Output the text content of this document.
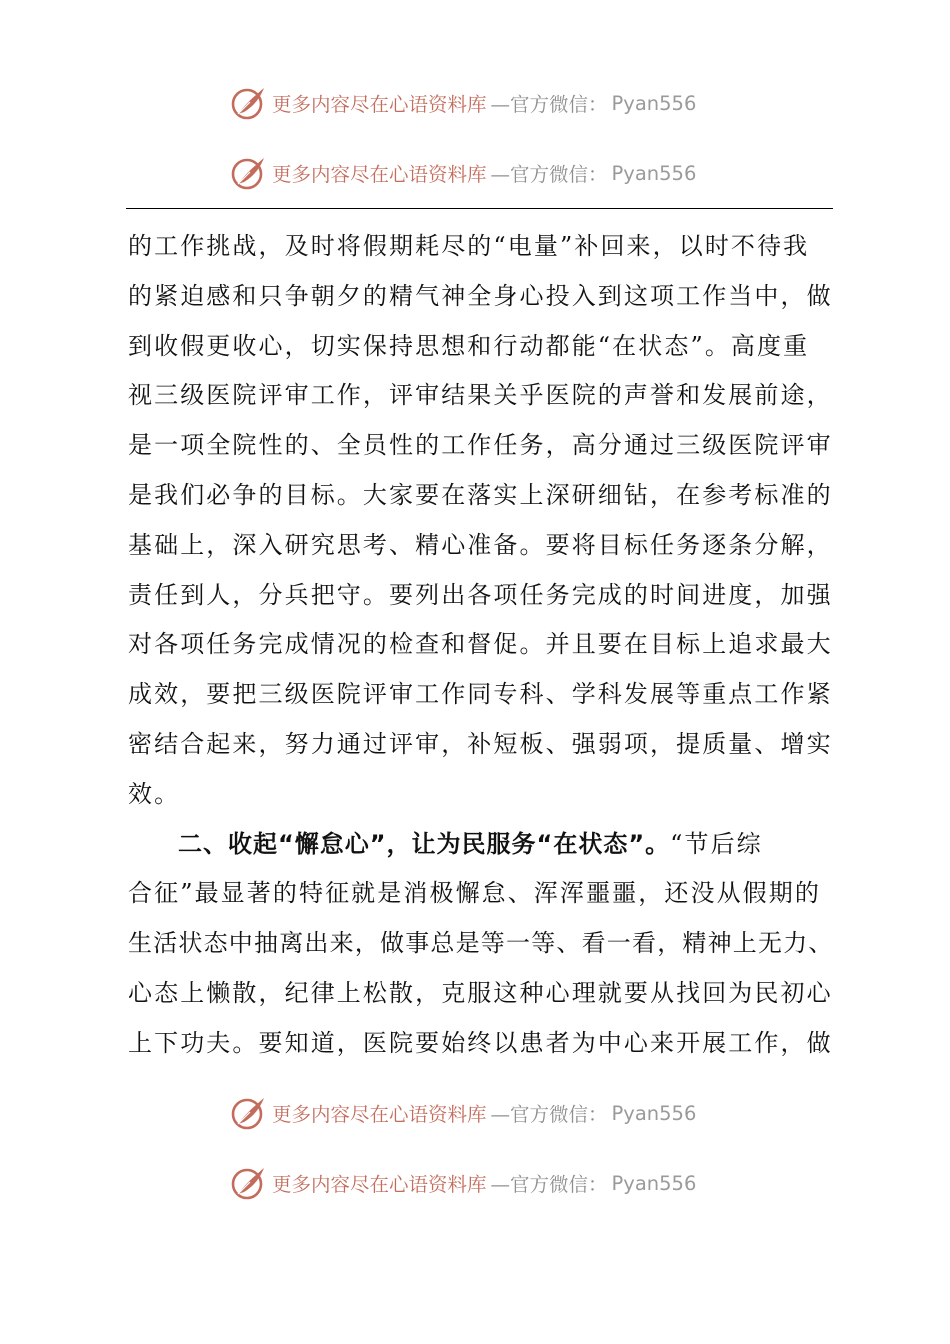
更多内容尽在心语资料库 —官方微信： Pyan556
更多内容尽在心语资料库 —官方微信： Pyan556
的工作挑战，及时将假期耗尽的“电量”补回来，以时不待我
的紧迫感和只争朝夕的精气神全身心投入到这项工作当中，做
到收假更收心，切实保持思想和行动都能“在状态”。高度重
视三级医院评审工作，评审结果关乎医院的声誉和发展前途，
是一项全院性的、全员性的工作任务，高分通过三级医院评审
是我们必争的目标。大家要在落实上深研细钻，在参考标准的
基础上，深入研究思考、精心准备。要将目标任务逐条分解，
责任到人，分兵把守。要列出各项任务完成的时间进度，加强
对各项任务完成情况的检查和督促。并且要在目标上追求最大
成效，要把三级医院评审工作同专科、学科发展等重点工作紧
密结合起来，努力通过评审，补短板、强弱项，提质量、增实
效。
二、收起“懈怠心”，让为民服务“在状态”。“节后综
合征”最显著的特征就是消极懈怠、浑浑噩噩，还没从假期的
生活状态中抽离出来，做事总是等一等、看一看，精神上无力、
心态上懒散，纪律上松散，克服这种心理就要从找回为民初心
上下功夫。要知道，医院要始终以患者为中心来开展工作，做
更多内容尽在心语资料库 —官方微信： Pyan556
更多内容尽在心语资料库 —官方微信： Pyan556
